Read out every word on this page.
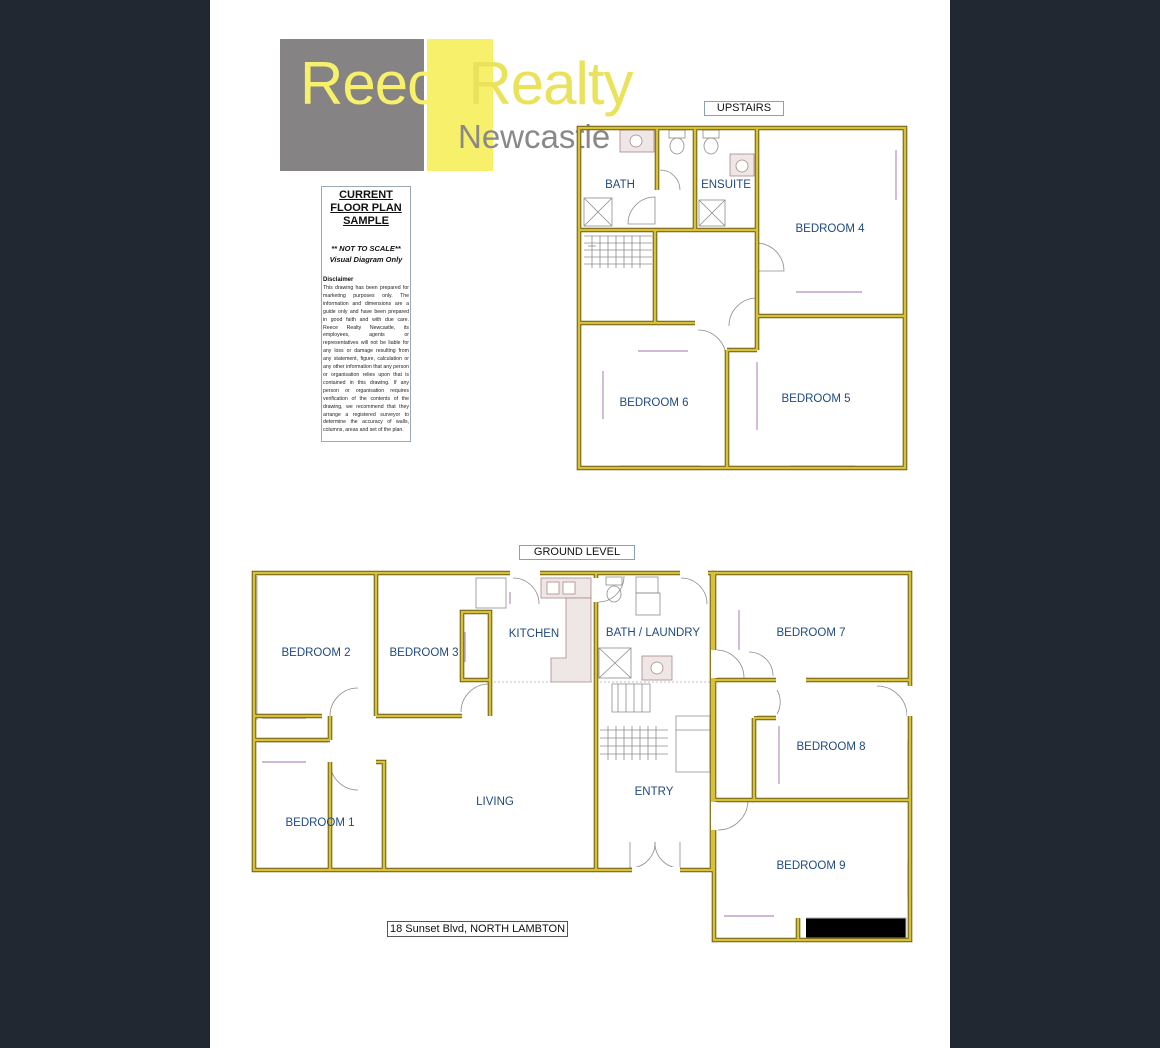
ReeceRealty
Newcastle
CURRENT
FLOOR PLAN
SAMPLE
** NOT TO SCALE**
Visual Diagram Only
Disclaimer
This drawing has been prepared for marketing purposes only. The information and dimensions are a guide only and have been prepared in good faith and with due care. Reece Realty Newcastle, its employees, agents or representatives will not be liable for any loss or damage resulting from any statement, figure, calculation or any other information that any person or organisation relies upon that is contained in this drawing. If any person or organisation requires verification of the contents of the drawing, we recommend that they arrange a registered surveyor to determine the accuracy of walls, columns, areas and set of the plan.
UPSTAIRS
GROUND LEVEL
BATH	ENSUITE
BEDROOM 4
BEDROOM 5
BEDROOM 6
BEDROOM 2	BEDROOM 3
KITCHEN	BATH / LAUNDRY	BEDROOM 7
BEDROOM 8
BEDROOM 9
BEDROOM 1
LIVING
ENTRY
18 Sunset Blvd, NORTH LAMBTON
